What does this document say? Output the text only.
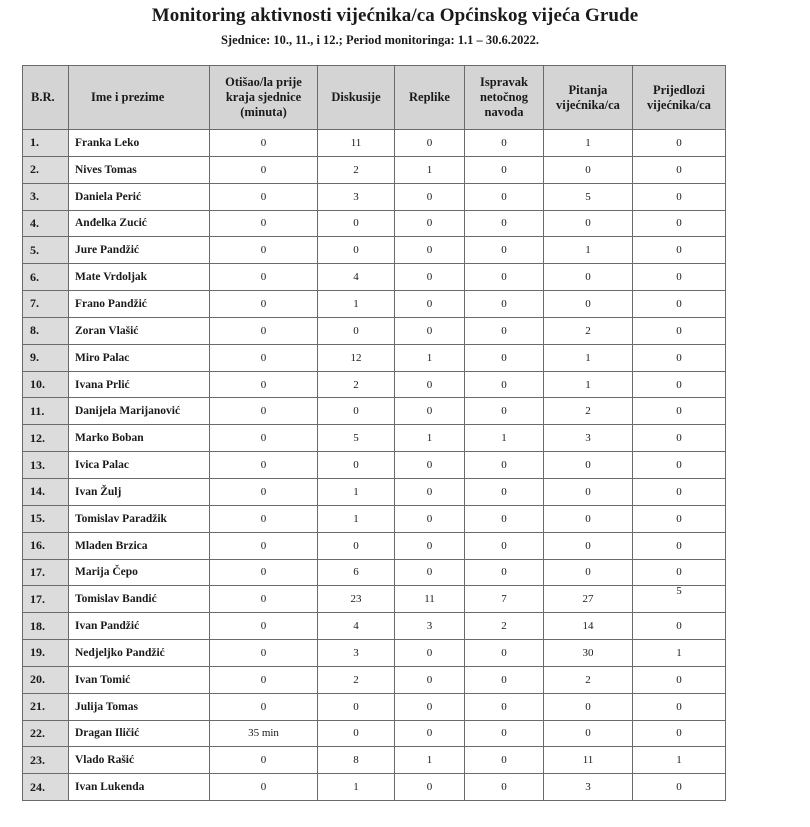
Monitoring aktivnosti vijećnika/ca Općinskog vijeća Grude
Sjednice: 10., 11., i 12.; Period monitoringa: 1.1 – 30.6.2022.
B.R.	Ime i prezime	Otišao/la prije kraja sjednice (minuta)	Diskusije	Replike	Ispravak netočnog navoda	Pitanja vijećnika/ca	Prijedlozi vijećnika/ca
1.	Franka Leko	0	11	0	0	1	0
2.	Nives Tomas	0	2	1	0	0	0
3.	Daniela Perić	0	3	0	0	5	0
4.	Anđelka Zucić	0	0	0	0	0	0
5.	Jure Pandžić	0	0	0	0	1	0
6.	Mate Vrdoljak	0	4	0	0	0	0
7.	Frano Pandžić	0	1	0	0	0	0
8.	Zoran Vlašić	0	0	0	0	2	0
9.	Miro Palac	0	12	1	0	1	0
10.	Ivana Prlić	0	2	0	0	1	0
11.	Danijela Marijanović	0	0	0	0	2	0
12.	Marko Boban	0	5	1	1	3	0
13.	Ivica Palac	0	0	0	0	0	0
14.	Ivan Žulj	0	1	0	0	0	0
15.	Tomislav Paradžik	0	1	0	0	0	0
16.	Mladen Brzica	0	0	0	0	0	0
17.	Marija Čepo	0	6	0	0	0	0
17.	Tomislav Bandić	0	23	11	7	27	5
18.	Ivan Pandžić	0	4	3	2	14	0
19.	Nedjeljko Pandžić	0	3	0	0	30	1
20.	Ivan Tomić	0	2	0	0	2	0
21.	Julija Tomas	0	0	0	0	0	0
22.	Dragan Iličić	35 min	0	0	0	0	0
23.	Vlado Rašić	0	8	1	0	11	1
24.	Ivan Lukenda	0	1	0	0	3	0
